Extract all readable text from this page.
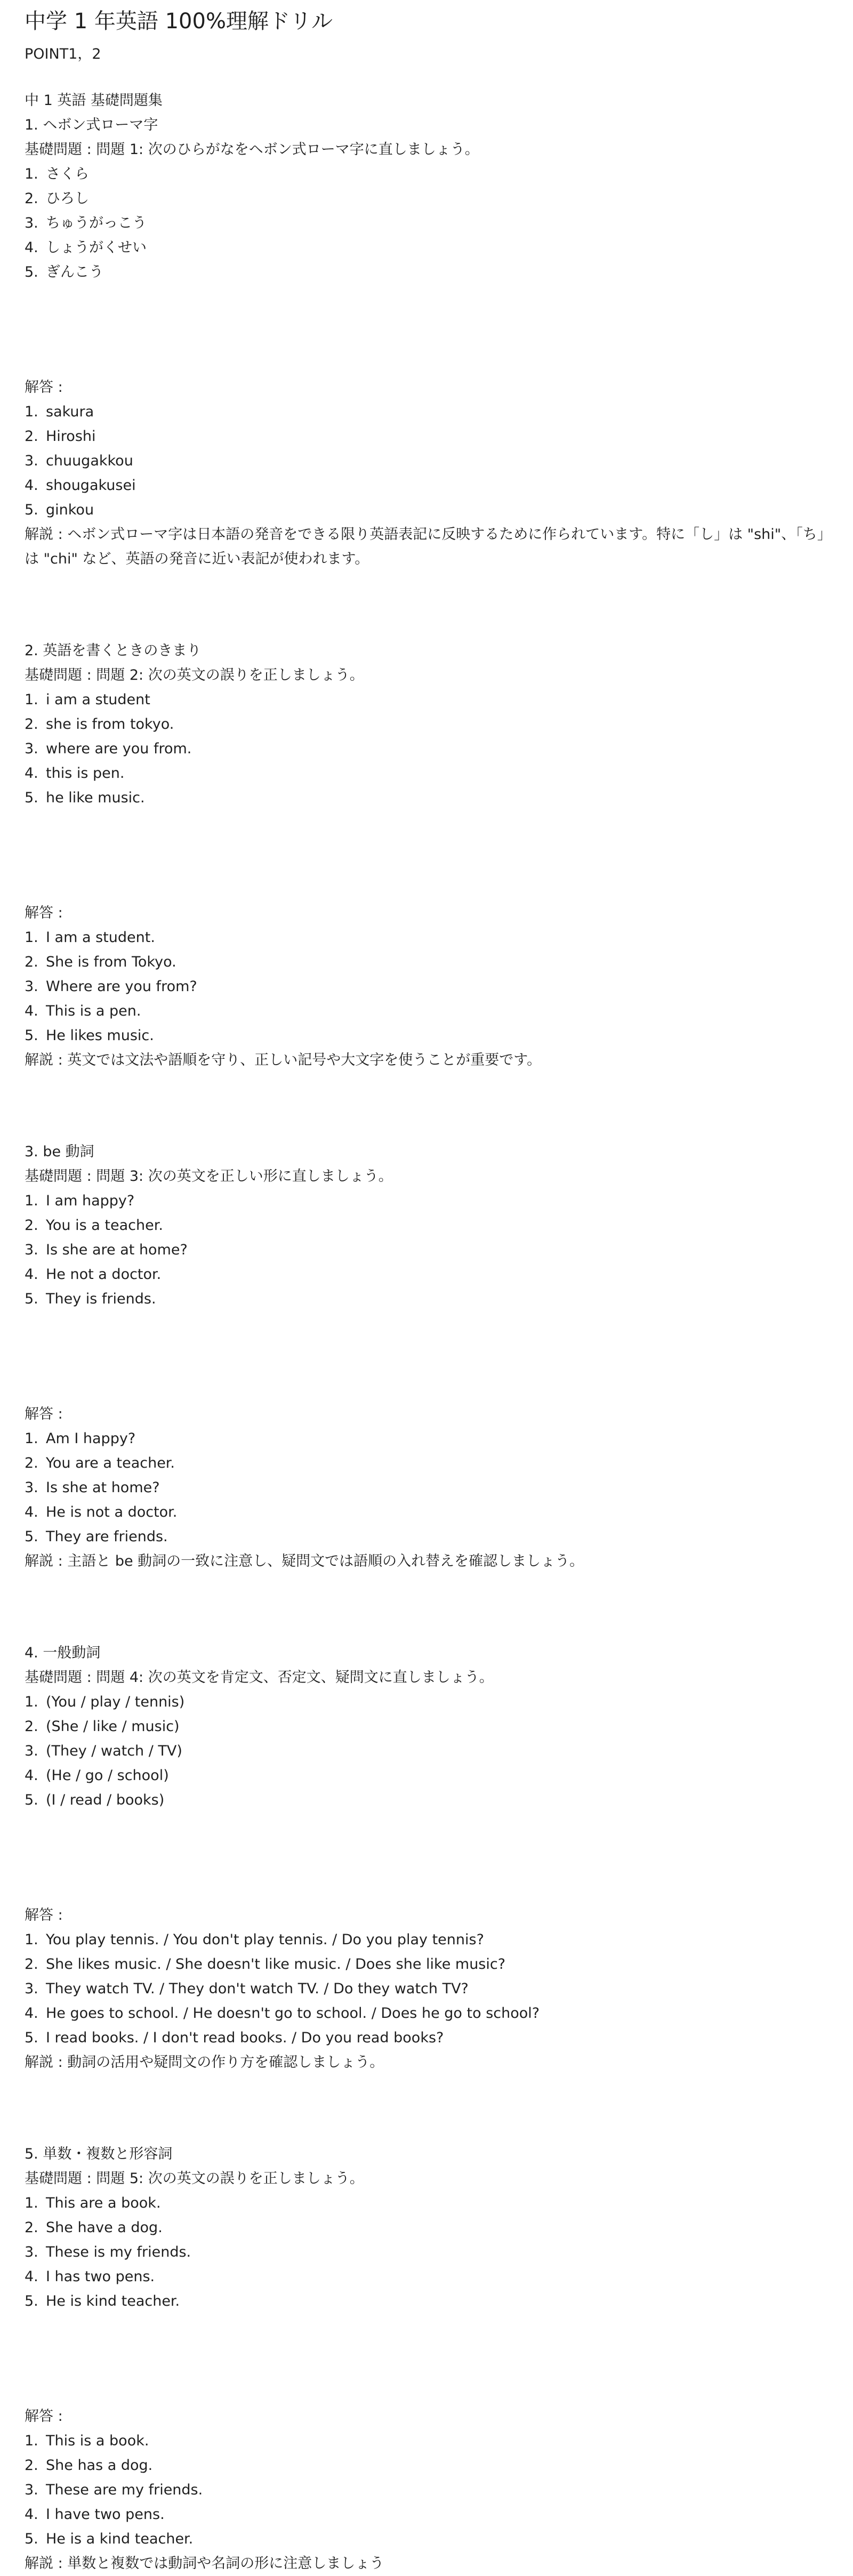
中学 1 年英語 100%理解ドリル
POINT1，2
中 1 英語 基礎問題集
1. ヘボン式ローマ字
基礎問題 : 問題 1: 次のひらがなをヘボン式ローマ字に直しましょう。
1. さくら
2. ひろし
3. ちゅうがっこう
4. しょうがくせい
5. ぎんこう
解答 :
1. sakura
2. Hiroshi
3. chuugakkou
4. shougakusei
5. ginkou
解説 : ヘボン式ローマ字は日本語の発音をできる限り英語表記に反映するために作られています。特に「し」は "shi"、「ち」
は "chi" など、英語の発音に近い表記が使われます。
2. 英語を書くときのきまり
基礎問題 : 問題 2: 次の英文の誤りを正しましょう。
1. i am a student
2. she is from tokyo.
3. where are you from.
4. this is pen.
5. he like music.
解答 :
1. I am a student.
2. She is from Tokyo.
3. Where are you from?
4. This is a pen.
5. He likes music.
解説 : 英文では文法や語順を守り、正しい記号や大文字を使うことが重要です。
3. be 動詞
基礎問題 : 問題 3: 次の英文を正しい形に直しましょう。
1. I am happy?
2. You is a teacher.
3. Is she are at home?
4. He not a doctor.
5. They is friends.
解答 :
1. Am I happy?
2. You are a teacher.
3. Is she at home?
4. He is not a doctor.
5. They are friends.
解説 : 主語と be 動詞の一致に注意し、疑問文では語順の入れ替えを確認しましょう。
4. 一般動詞
基礎問題 : 問題 4: 次の英文を肯定文、否定文、疑問文に直しましょう。
1. (You / play / tennis)
2. (She / like / music)
3. (They / watch / TV)
4. (He / go / school)
5. (I / read / books)
解答 :
1. You play tennis. / You don't play tennis. / Do you play tennis?
2. She likes music. / She doesn't like music. / Does she like music?
3. They watch TV. / They don't watch TV. / Do they watch TV?
4. He goes to school. / He doesn't go to school. / Does he go to school?
5. I read books. / I don't read books. / Do you read books?
解説 : 動詞の活用や疑問文の作り方を確認しましょう。
5. 単数・複数と形容詞
基礎問題 : 問題 5: 次の英文の誤りを正しましょう。
1. This are a book.
2. She have a dog.
3. These is my friends.
4. I has two pens.
5. He is kind teacher.
解答 :
1. This is a book.
2. She has a dog.
3. These are my friends.
4. I have two pens.
5. He is a kind teacher.
解説 : 単数と複数では動詞や名詞の形に注意しましょう
